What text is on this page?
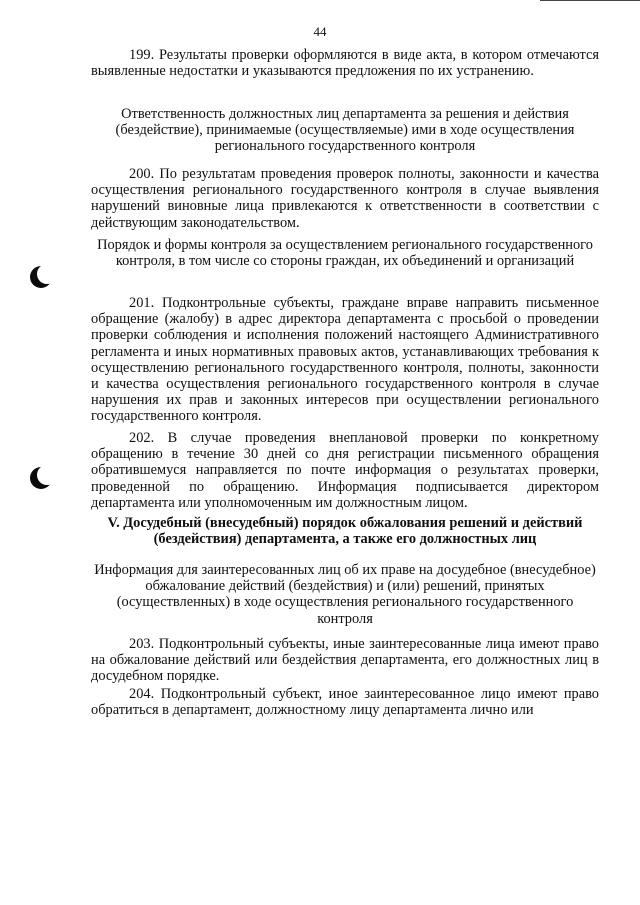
44

199. Результаты проверки оформляются в виде акта, в котором отмечаются выявленные недостатки и указываются предложения по их устранению.

Ответственность должностных лиц департамента за решения и действия (бездействие), принимаемые (осуществляемые) ими в ходе осуществления регионального государственного контроля

200. По результатам проведения проверок полноты, законности и качества осуществления регионального государственного контроля в случае выявления нарушений виновные лица привлекаются к ответственности в соответствии с действующим законодательством.

Порядок и формы контроля за осуществлением регионального государственного контроля, в том числе со стороны граждан, их объединений и организаций

201. Подконтрольные субъекты, граждане вправе направить письменное обращение (жалобу) в адрес директора департамента с просьбой о проведении проверки соблюдения и исполнения положений настоящего Административного регламента и иных нормативных правовых актов, устанавливающих требования к осуществлению регионального государственного контроля, полноты, законности и качества осуществления регионального государственного контроля в случае нарушения их прав и законных интересов при осуществлении регионального государственного контроля.

202. В случае проведения внеплановой проверки по конкретному обращению в течение 30 дней со дня регистрации письменного обращения обратившемуся направляется по почте информация о результатах проверки, проведенной по обращению. Информация подписывается директором департамента или уполномоченным им должностным лицом.

V. Досудебный (внесудебный) порядок обжалования решений и действий (бездействия) департамента, а также его должностных лиц

Информация для заинтересованных лиц об их праве на досудебное (внесудебное) обжалование действий (бездействия) и (или) решений, принятых (осуществленных) в ходе осуществления регионального государственного контроля

203. Подконтрольный субъекты, иные заинтересованные лица имеют право на обжалование действий или бездействия департамента, его должностных лиц в досудебном порядке.

204. Подконтрольный субъект, иное заинтересованное лицо имеют право обратиться в департамент, должностному лицу департамента лично или
